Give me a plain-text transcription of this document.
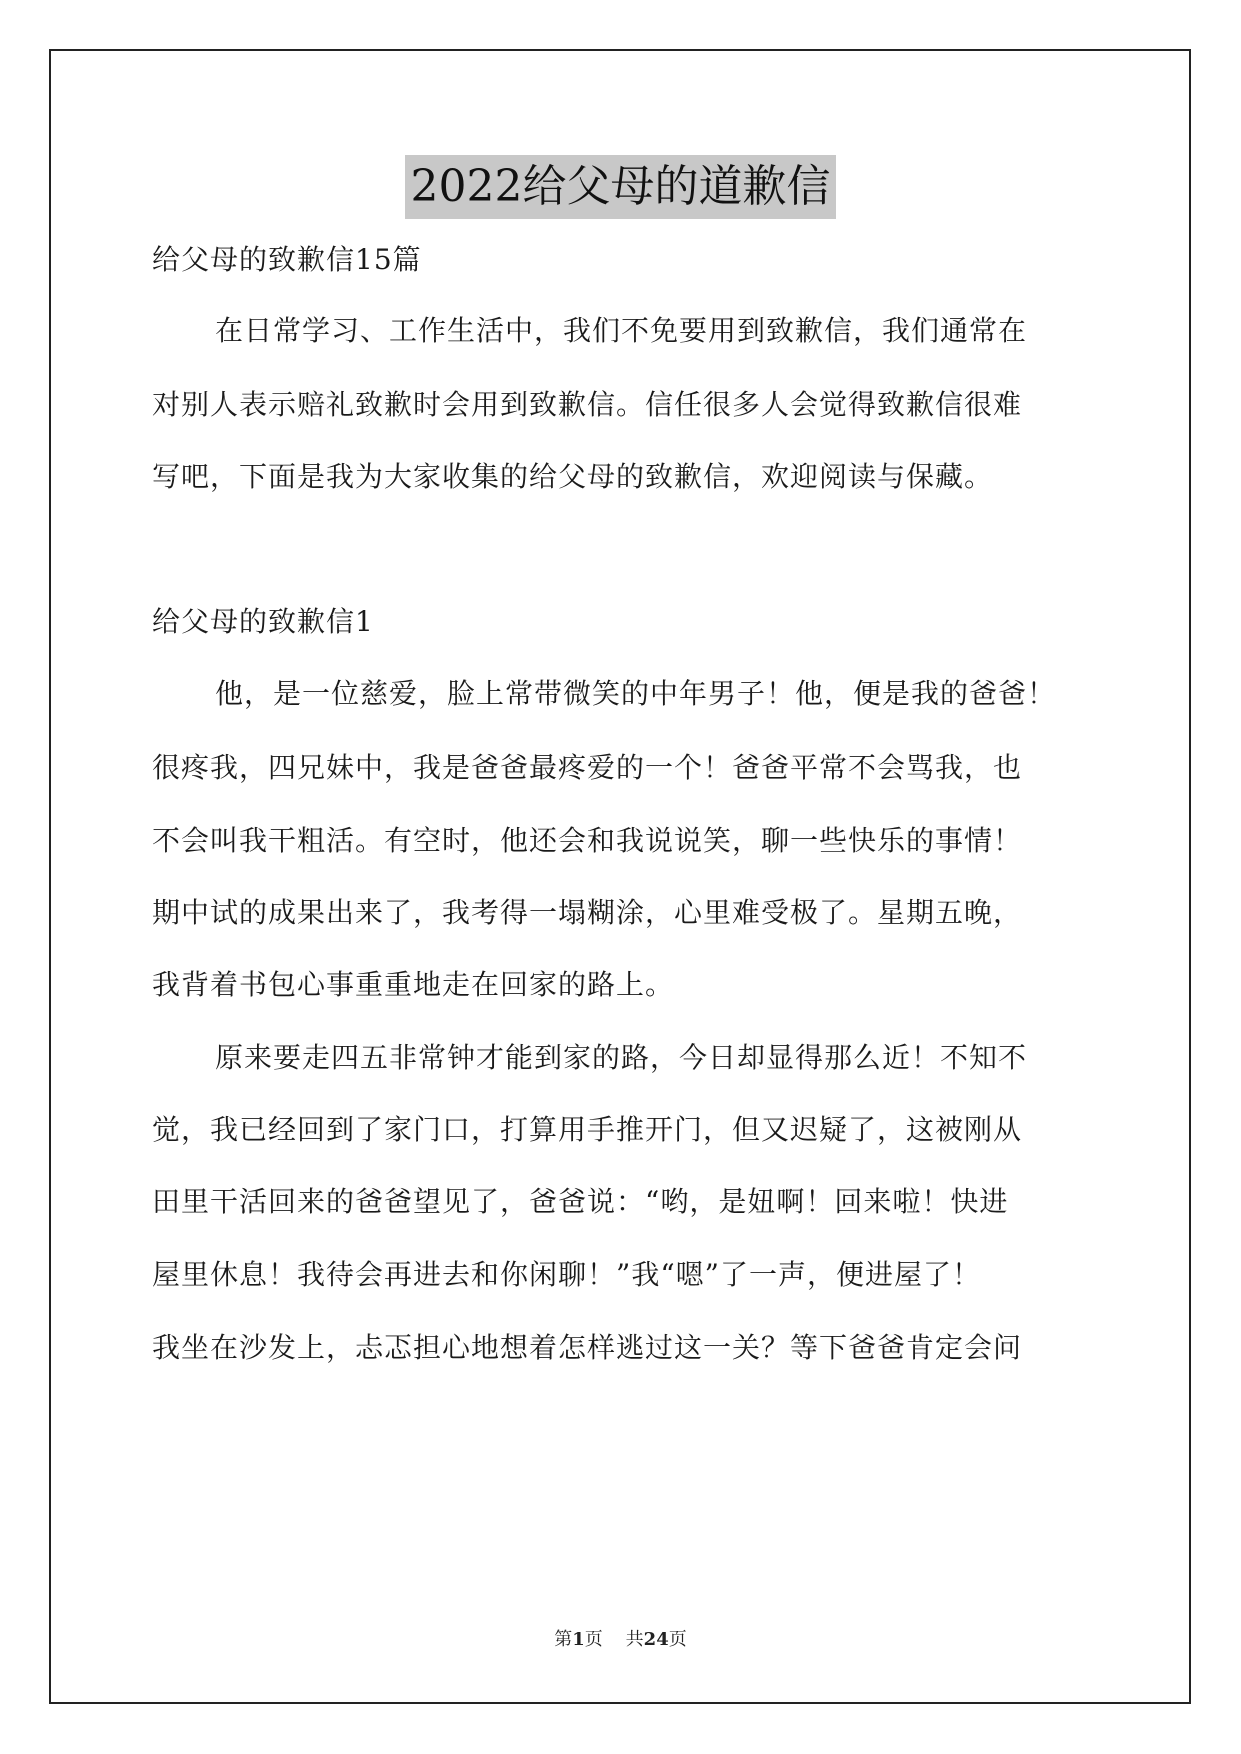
2022给父母的道歉信
给父母的致歉信15篇
在日常学习、工作生活中，我们不免要用到致歉信，我们通常在
对别人表示赔礼致歉时会用到致歉信。信任很多人会觉得致歉信很难
写吧，下面是我为大家收集的给父母的致歉信，欢迎阅读与保藏。
给父母的致歉信1
他，是一位慈爱，脸上常带微笑的中年男子！他，便是我的爸爸！
很疼我，四兄妹中，我是爸爸最疼爱的一个！爸爸平常不会骂我，也
不会叫我干粗活。有空时，他还会和我说说笑，聊一些快乐的事情！
期中试的成果出来了，我考得一塌糊涂，心里难受极了。星期五晚，
我背着书包心事重重地走在回家的路上。
原来要走四五非常钟才能到家的路，今日却显得那么近！不知不
觉，我已经回到了家门口，打算用手推开门，但又迟疑了，这被刚从
田里干活回来的爸爸望见了，爸爸说：“哟，是妞啊！回来啦！快进
屋里休息！我待会再进去和你闲聊！”我“嗯”了一声，便进屋了！
我坐在沙发上，忐忑担心地想着怎样逃过这一关？等下爸爸肯定会问
第1页 共24页
